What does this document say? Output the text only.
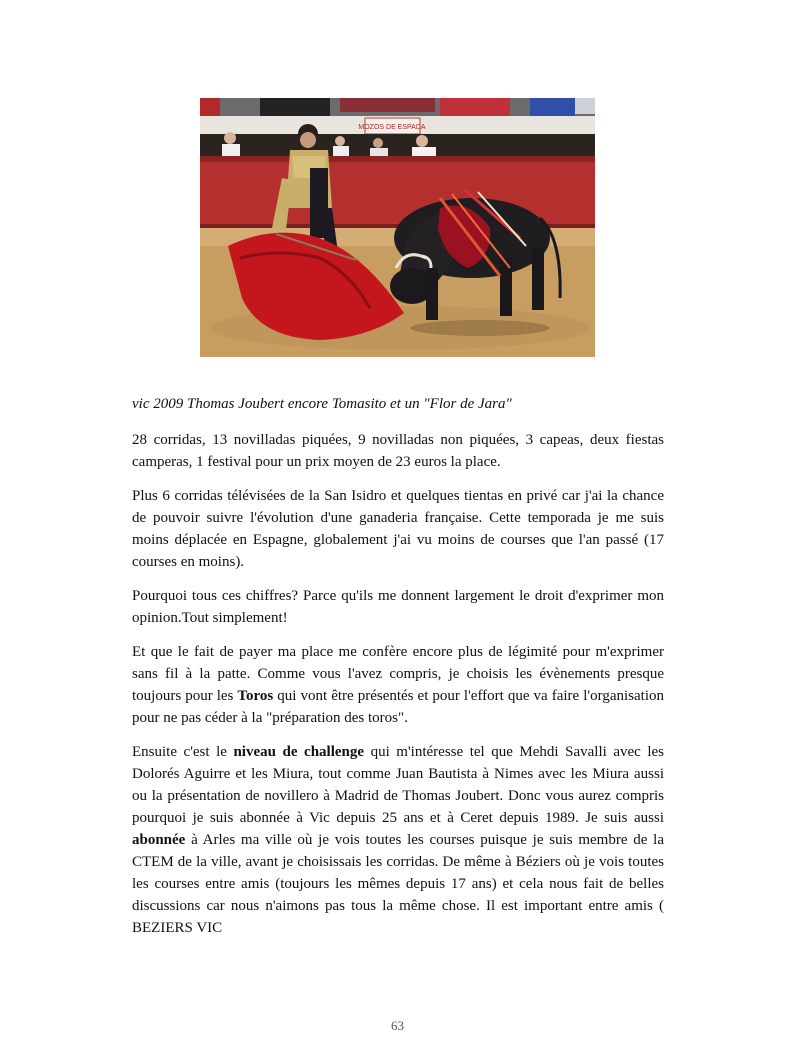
MOZOS DE ESPADA

vic 2009 Thomas Joubert encore Tomasito et un "Flor de Jara"

28 corridas, 13 novilladas piquées, 9 novilladas non piquées, 3 capeas, deux fiestas camperas, 1 festival pour un prix moyen de 23 euros la place.

Plus 6 corridas télévisées de la San Isidro et quelques tientas en privé car j'ai la chance de pouvoir suivre l'évolution d'une ganaderia française. Cette temporada je me suis moins déplacée en Espagne, globalement j'ai vu moins de courses que l'an passé (17 courses en moins).

Pourquoi tous ces chiffres? Parce qu'ils me donnent largement le droit d'exprimer mon opinion.Tout simplement!

Et que le fait de payer ma place me confère encore plus de légimité pour m'exprimer sans fil à la patte. Comme vous l'avez compris, je choisis les évènements presque toujours pour les Toros qui vont être présentés et pour l'effort que va faire l'organisation pour ne pas céder à la "préparation des toros".

Ensuite c'est le niveau de challenge qui m'intéresse tel que Mehdi Savalli avec les Dolorés Aguirre et les Miura, tout comme Juan Bautista à Nimes avec les Miura aussi ou la présentation de novillero à Madrid de Thomas Joubert. Donc vous aurez compris pourquoi je suis abonnée à Vic depuis 25 ans et à Ceret depuis 1989. Je suis aussi abonnée à Arles ma ville où je vois toutes les courses puisque je suis membre de la CTEM de la ville, avant je choisissais les corridas. De même à Béziers où je vois toutes les courses entre amis (toujours les mêmes depuis 17 ans) et cela nous fait de belles discussions car nous n'aimons pas tous la même chose. Il est important entre amis ( BEZIERS VIC

63
